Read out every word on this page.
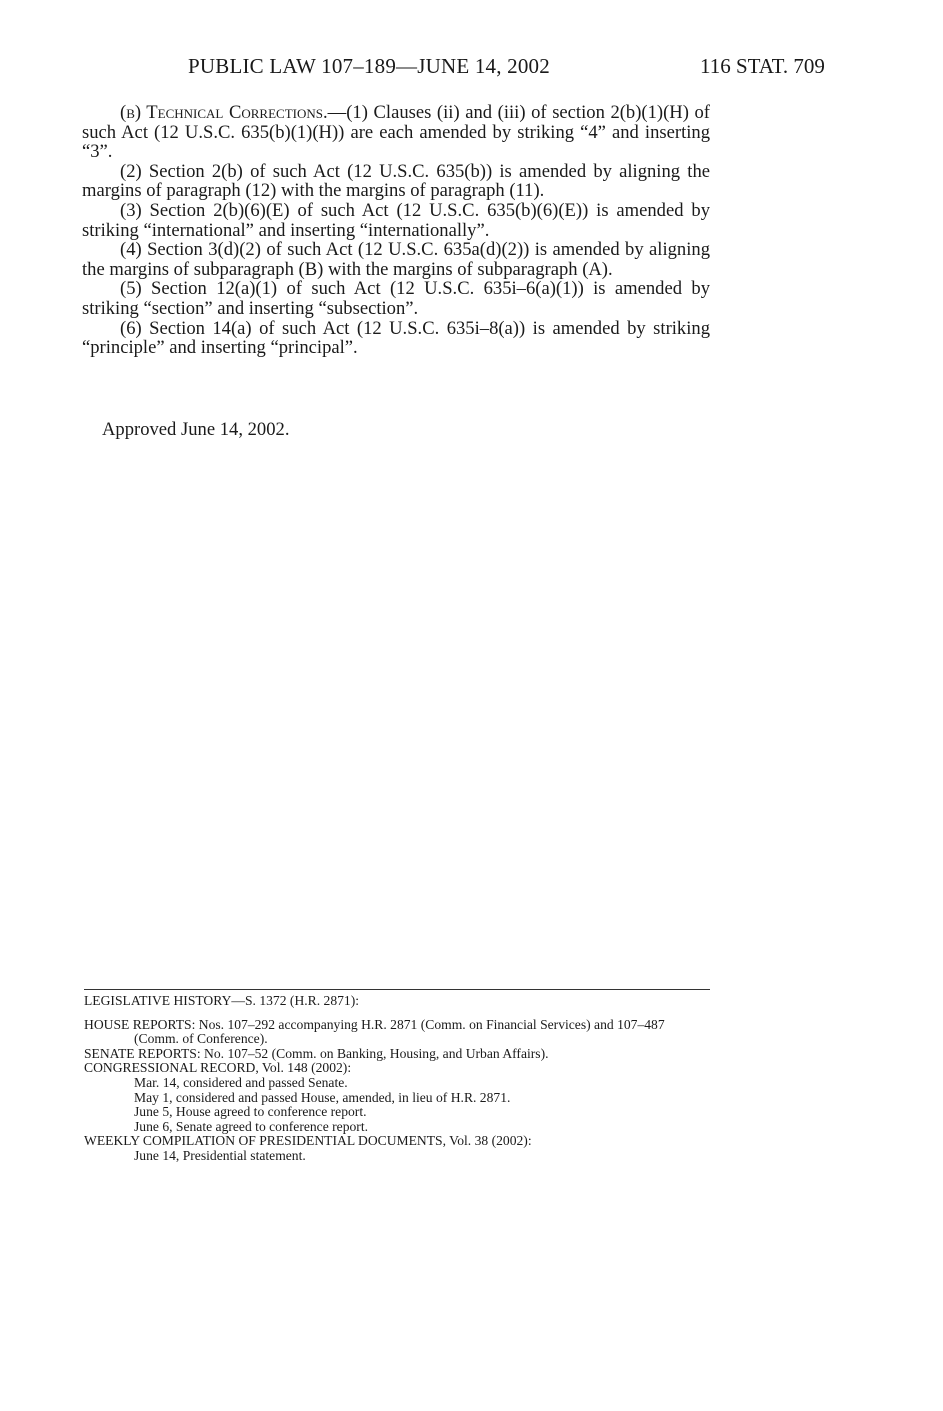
PUBLIC LAW 107–189—JUNE 14, 2002	116 STAT. 709

(b) Technical Corrections.—(1) Clauses (ii) and (iii) of section 2(b)(1)(H) of such Act (12 U.S.C. 635(b)(1)(H)) are each amended by striking “4” and inserting “3”.

(2) Section 2(b) of such Act (12 U.S.C. 635(b)) is amended by aligning the margins of paragraph (12) with the margins of paragraph (11).

(3) Section 2(b)(6)(E) of such Act (12 U.S.C. 635(b)(6)(E)) is amended by striking “international” and inserting “internationally”.

(4) Section 3(d)(2) of such Act (12 U.S.C. 635a(d)(2)) is amended by aligning the margins of subparagraph (B) with the margins of subparagraph (A).

(5) Section 12(a)(1) of such Act (12 U.S.C. 635i–6(a)(1)) is amended by striking “section” and inserting “subsection”.

(6) Section 14(a) of such Act (12 U.S.C. 635i–8(a)) is amended by striking “principle” and inserting “principal”.

Approved June 14, 2002.

LEGISLATIVE HISTORY—S. 1372 (H.R. 2871):

HOUSE REPORTS: Nos. 107–292 accompanying H.R. 2871 (Comm. on Financial Services) and 107–487 (Comm. of Conference).

SENATE REPORTS: No. 107–52 (Comm. on Banking, Housing, and Urban Affairs).

CONGRESSIONAL RECORD, Vol. 148 (2002):

Mar. 14, considered and passed Senate.

May 1, considered and passed House, amended, in lieu of H.R. 2871.

June 5, House agreed to conference report.

June 6, Senate agreed to conference report.

WEEKLY COMPILATION OF PRESIDENTIAL DOCUMENTS, Vol. 38 (2002):

June 14, Presidential statement.
